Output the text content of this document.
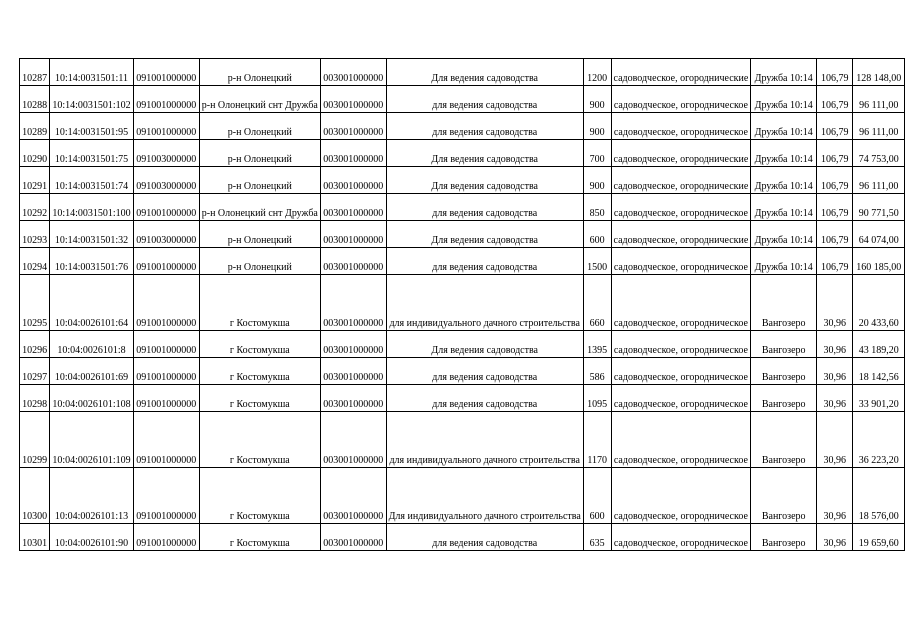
10287	10:14:0031501:11	091001000000	р-н Олонецкий	003001000000	Для ведения садоводства	1200	садоводческое, огороднические	Дружба 10:14	106,79	128 148,00
10288	10:14:0031501:102	091001000000	р-н Олонецкий снт Дружба	003001000000	для ведения садоводства	900	садоводческое, огородническое	Дружба 10:14	106,79	96 111,00
10289	10:14:0031501:95	091001000000	р-н Олонецкий	003001000000	для ведения садоводства	900	садоводческое, огородническое	Дружба 10:14	106,79	96 111,00
10290	10:14:0031501:75	091003000000	р-н Олонецкий	003001000000	Для ведения садоводства	700	садоводческое, огороднические	Дружба 10:14	106,79	74 753,00
10291	10:14:0031501:74	091003000000	р-н Олонецкий	003001000000	Для ведения садоводства	900	садоводческое, огороднические	Дружба 10:14	106,79	96 111,00
10292	10:14:0031501:100	091001000000	р-н Олонецкий снт Дружба	003001000000	для ведения садоводства	850	садоводческое, огородническое	Дружба 10:14	106,79	90 771,50
10293	10:14:0031501:32	091003000000	р-н Олонецкий	003001000000	Для ведения садоводства	600	садоводческое, огороднические	Дружба 10:14	106,79	64 074,00
10294	10:14:0031501:76	091001000000	р-н Олонецкий	003001000000	для ведения садоводства	1500	садоводческое, огородническое	Дружба 10:14	106,79	160 185,00
10295	10:04:0026101:64	091001000000	г Костомукша	003001000000	для индивидуального дачного строительства	660	садоводческое, огородническое	Вангозеро	30,96	20 433,60
10296	10:04:0026101:8	091001000000	г Костомукша	003001000000	Для ведения садоводства	1395	садоводческое, огородническое	Вангозеро	30,96	43 189,20
10297	10:04:0026101:69	091001000000	г Костомукша	003001000000	для ведения садоводства	586	садоводческое, огородническое	Вангозеро	30,96	18 142,56
10298	10:04:0026101:108	091001000000	г Костомукша	003001000000	для ведения садоводства	1095	садоводческое, огородническое	Вангозеро	30,96	33 901,20
10299	10:04:0026101:109	091001000000	г Костомукша	003001000000	для индивидуального дачного строительства	1170	садоводческое, огородническое	Вангозеро	30,96	36 223,20
10300	10:04:0026101:13	091001000000	г Костомукша	003001000000	Для индивидуального дачного строительства	600	садоводческое, огородническое	Вангозеро	30,96	18 576,00
10301	10:04:0026101:90	091001000000	г Костомукша	003001000000	для ведения садоводства	635	садоводческое, огородническое	Вангозеро	30,96	19 659,60
